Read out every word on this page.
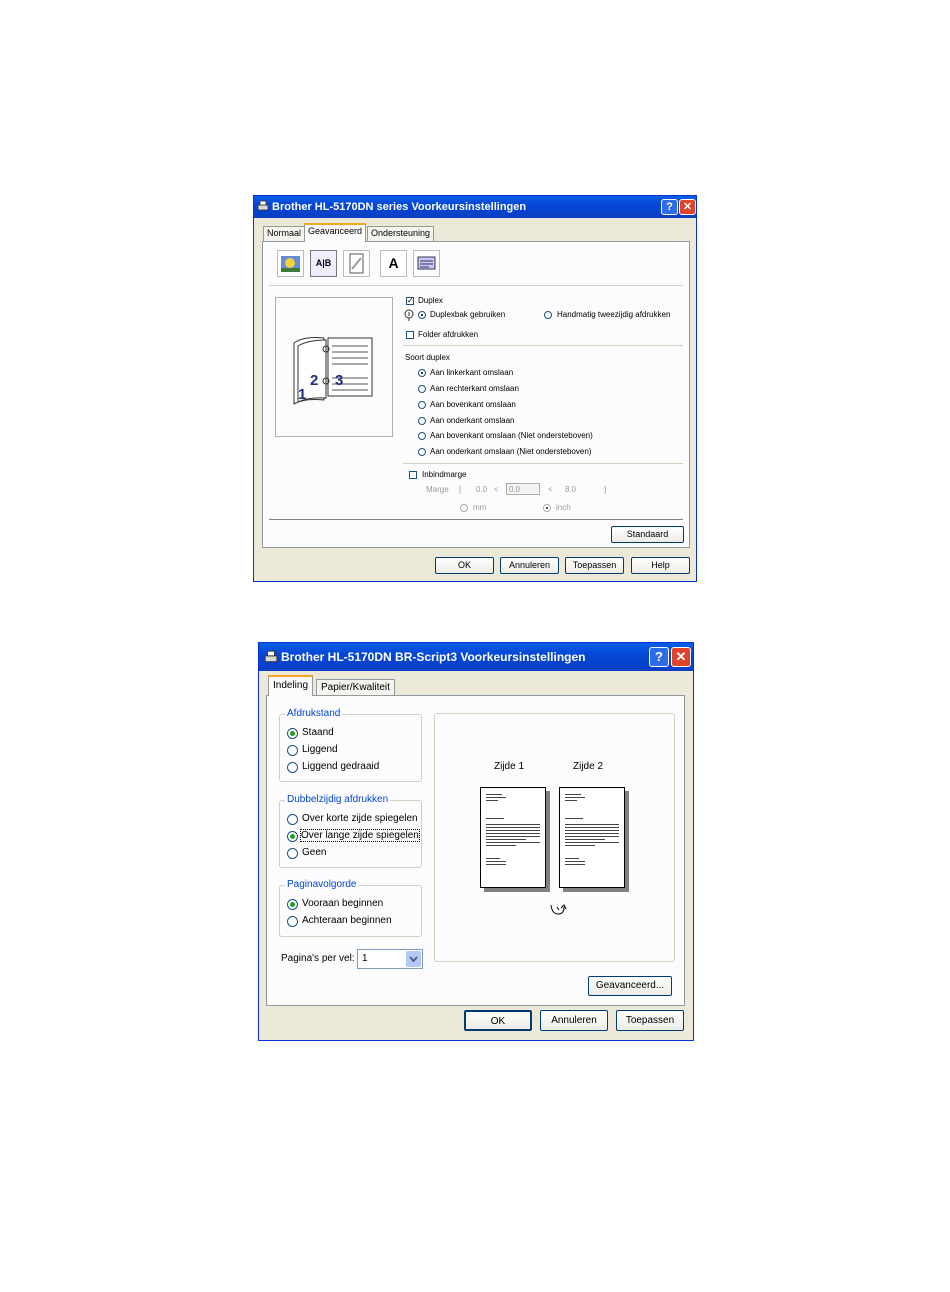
Brother HL-5170DN series Voorkeursinstellingen	? ✕
Normaal Geavanceerd Ondersteuning
A|B	A
2 3
1
✓ Duplex
Duplexbak gebruiken	Handmatig tweezijdig afdrukken
Folder afdrukken
Soort duplex
Aan linkerkant omslaan
Aan rechterkant omslaan
Aan bovenkant omslaan
Aan onderkant omslaan
Aan bovenkant omslaan (Niet ondersteboven)
Aan onderkant omslaan (Niet ondersteboven)
Inbindmarge
Marge [ 0.0 < 0.0	< 8.0	]
mm	inch
Standaard
OK	Annuleren	Toepassen	Help
Brother HL-5170DN BR-Script3 Voorkeursinstellingen	? ✕
Indeling	Papier/Kwaliteit
Afdrukstand
Staand
Liggend
Liggend gedraaid
Dubbelzijdig afdrukken
Over korte zijde spiegelen
Over lange zijde spiegelen
Geen
Paginavolgorde
Vooraan beginnen
Achteraan beginnen
Pagina's per vel: 1
Zijde 1	Zijde 2
Geavanceerd...
OK	Annuleren	Toepassen
